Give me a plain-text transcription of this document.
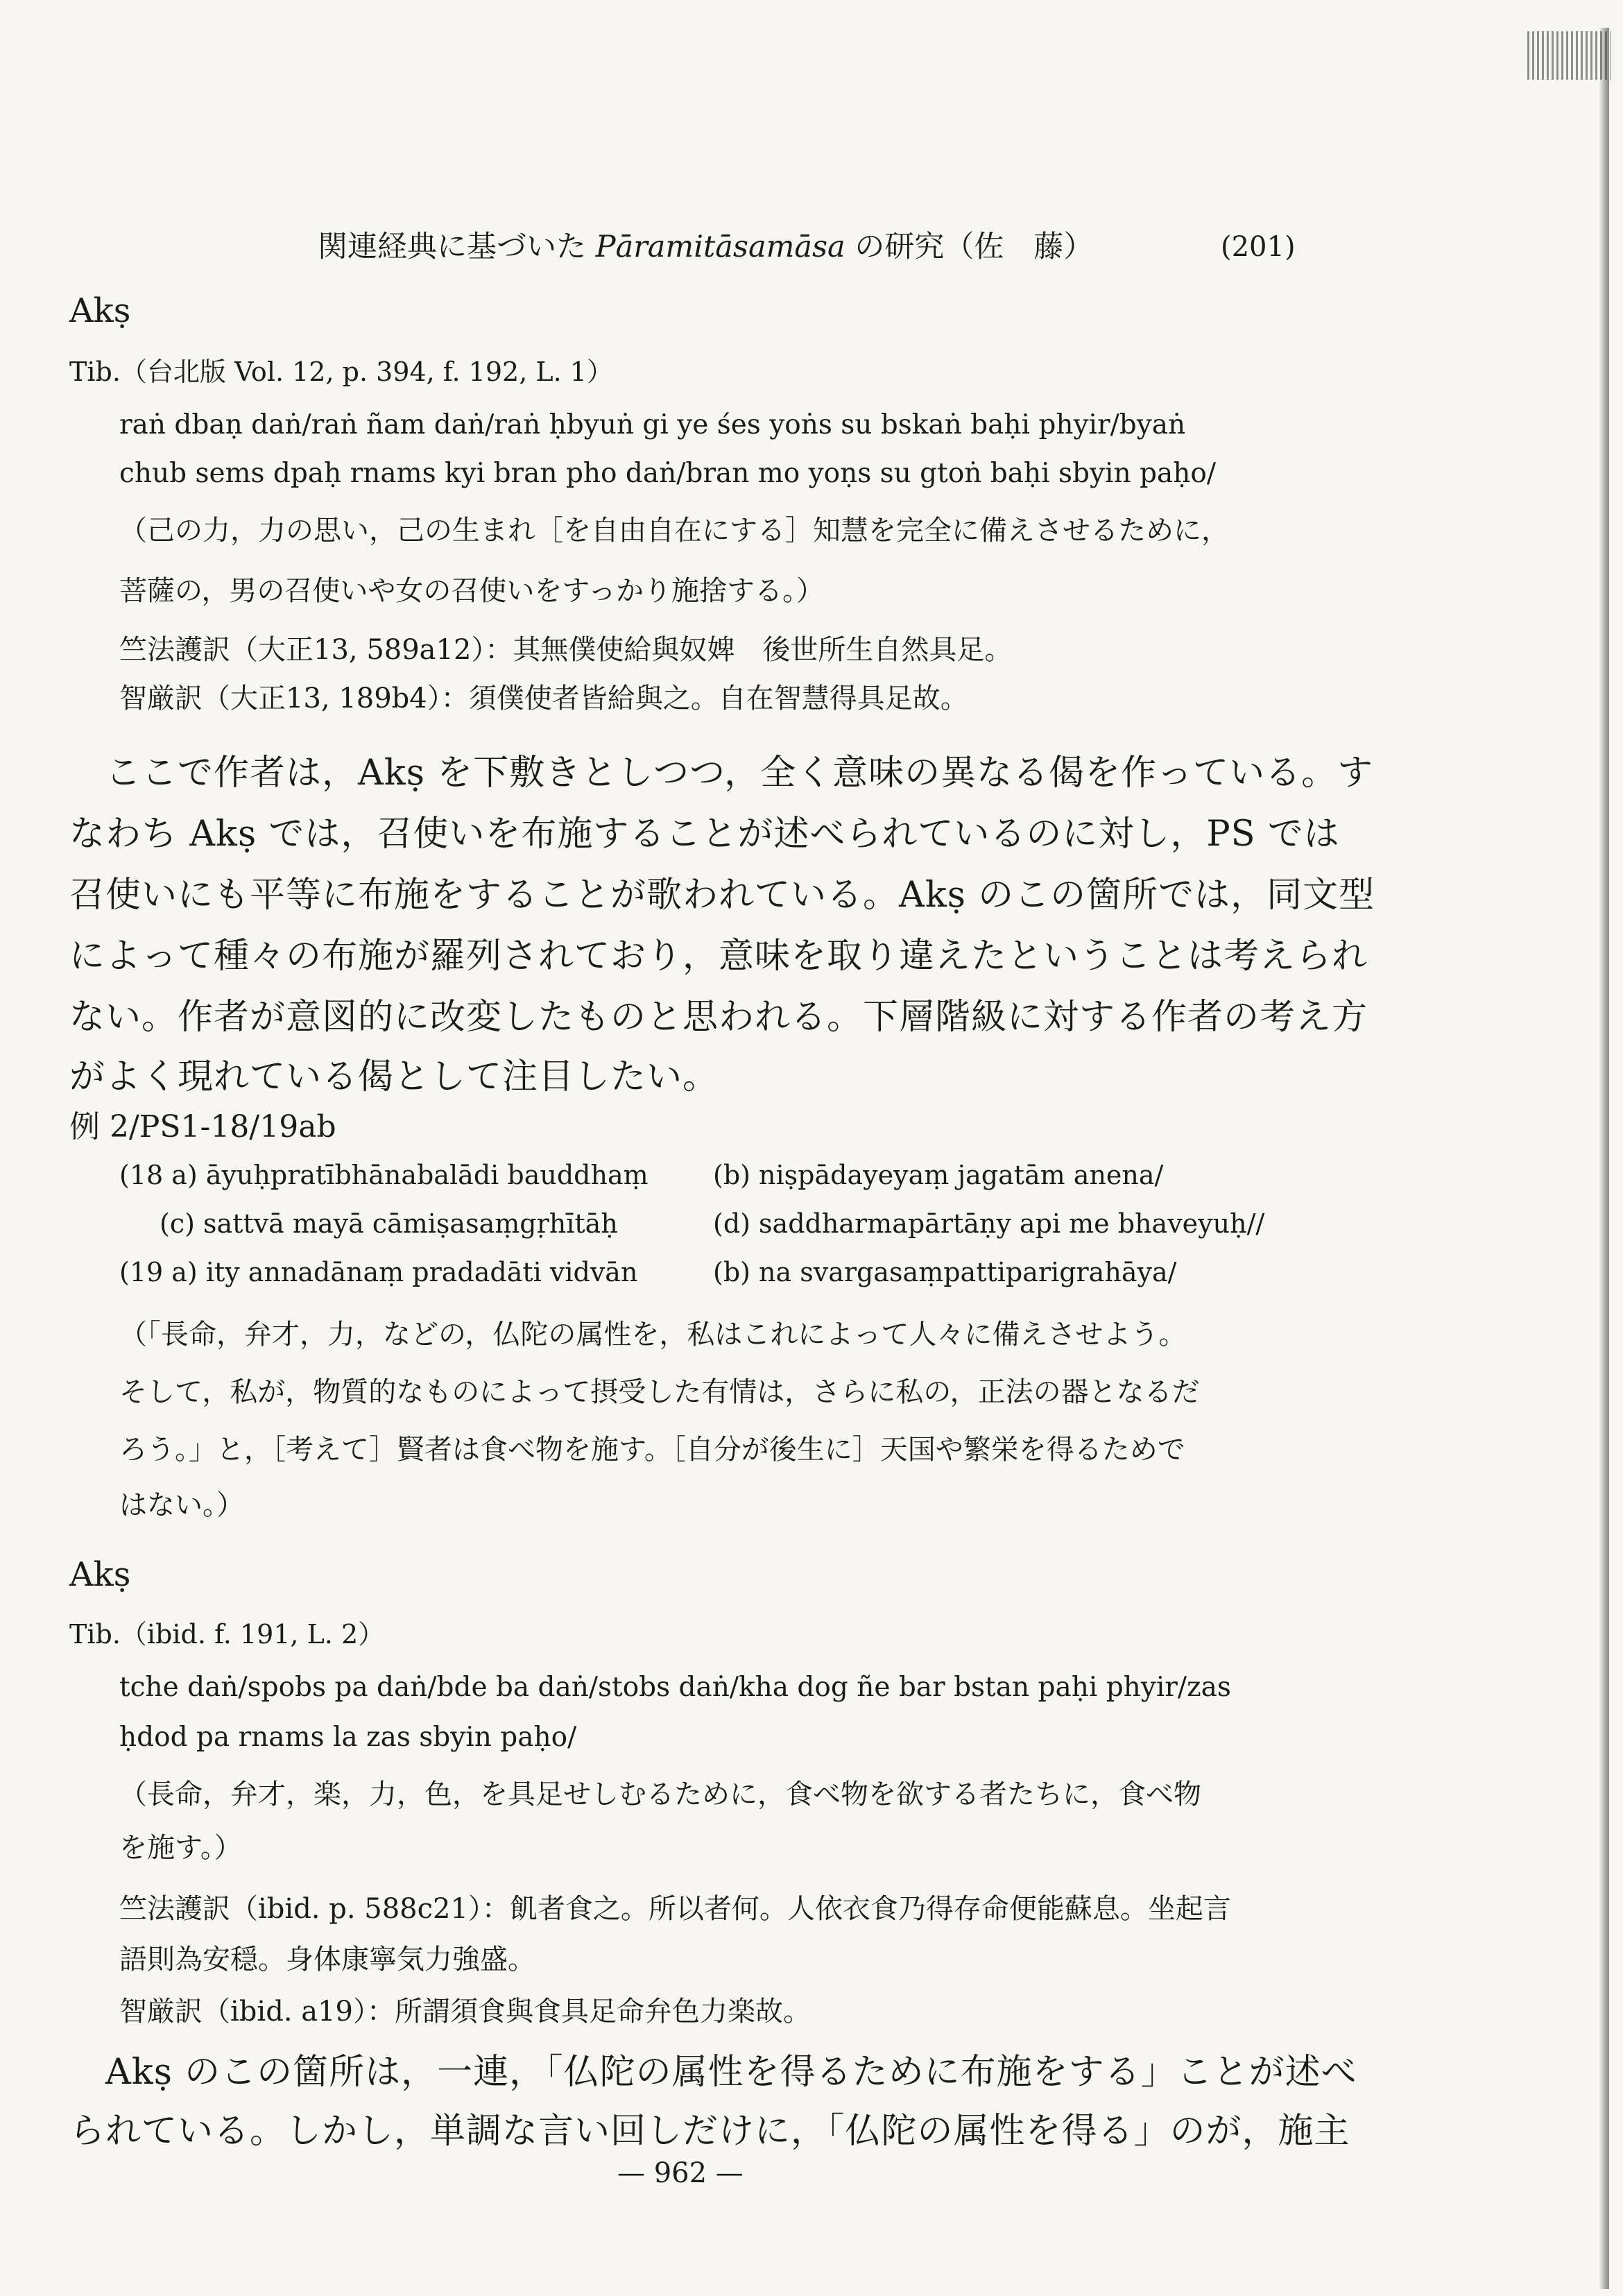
関連経典に基づいた Pāramitāsamāsa の研究（佐　藤）	(201)
Akṣ
Tib.（台北版 Vol. 12, p. 394, f. 192, L. 1）
raṅ dbaṇ daṅ/raṅ ñam daṅ/raṅ ḥbyuṅ gi ye śes yoṅs su bskaṅ baḥi phyir/byaṅ
chub sems dpaḥ rnams kyi bran pho daṅ/bran mo yoṇs su gtoṅ baḥi sbyin paḥo/
（己の力，力の思い，己の生まれ［を自由自在にする］知慧を完全に備えさせるために，
菩薩の，男の召使いや女の召使いをすっかり施捨する。）
竺法護訳（大正13, 589a12）：其無僕使給與奴婢　後世所生自然具足。
智厳訳（大正13, 189b4）：須僕使者皆給與之。自在智慧得具足故。
ここで作者は，Akṣ を下敷きとしつつ，全く意味の異なる偈を作っている。す
なわち Akṣ では，召使いを布施することが述べられているのに対し，PS では
召使いにも平等に布施をすることが歌われている。Akṣ のこの箇所では，同文型
によって種々の布施が羅列されており，意味を取り違えたということは考えられ
ない。作者が意図的に改変したものと思われる。下層階級に対する作者の考え方
がよく現れている偈として注目したい。
例 2/PS1-18/19ab
(18 a) āyuḥpratībhānabalādi bauddhaṃ (b) niṣpādayeyaṃ jagatām anena/
(c) sattvā mayā cāmiṣasaṃgṛhītāḥ	(d) saddharmapārtāṇy api me bhaveyuḥ//
(19 a) ity annadānaṃ pradadāti vidvān	(b) na svargasaṃpattiparigrahāya/
（「長命，弁才，力，などの，仏陀の属性を，私はこれによって人々に備えさせよう。
そして，私が，物質的なものによって摂受した有情は，さらに私の，正法の器となるだ
ろう。」と，［考えて］賢者は食べ物を施す。［自分が後生に］天国や繁栄を得るためで
はない。）
Akṣ
Tib.（ibid. f. 191, L. 2）
tche daṅ/spobs pa daṅ/bde ba daṅ/stobs daṅ/kha dog ñe bar bstan paḥi phyir/zas
ḥdod pa rnams la zas sbyin paḥo/
（長命，弁才，楽，力，色，を具足せしむるために，食べ物を欲する者たちに，食べ物
を施す。）
竺法護訳（ibid. p. 588c21）：飢者食之。所以者何。人依衣食乃得存命便能蘇息。坐起言
語則為安穏。身体康寧気力強盛。
智厳訳（ibid. a19）：所謂須食與食具足命弁色力楽故。
Akṣ のこの箇所は，一連，「仏陀の属性を得るために布施をする」ことが述べ
られている。しかし，単調な言い回しだけに，「仏陀の属性を得る」のが，施主
— 962 —
